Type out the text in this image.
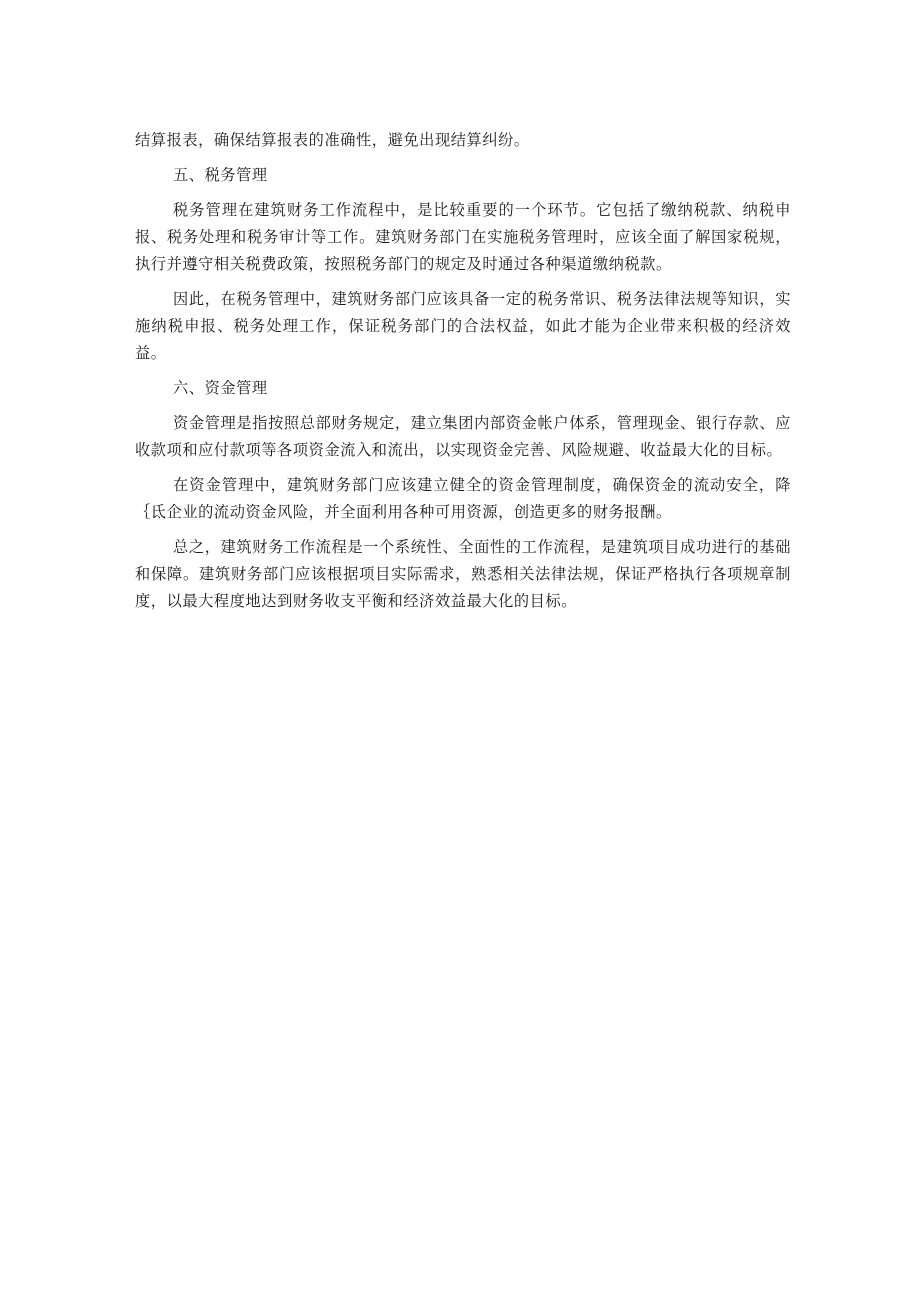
结算报表，确保结算报表的准确性，避免出现结算纠纷。

五、税务管理

税务管理在建筑财务工作流程中，是比较重要的一个环节。它包括了缴纳税款、纳税申报、税务处理和税务审计等工作。建筑财务部门在实施税务管理时，应该全面了解国家税规，执行并遵守相关税费政策，按照税务部门的规定及时通过各种渠道缴纳税款。

因此，在税务管理中，建筑财务部门应该具备一定的税务常识、税务法律法规等知识，实施纳税申报、税务处理工作，保证税务部门的合法权益，如此才能为企业带来积极的经济效益。

六、资金管理

资金管理是指按照总部财务规定，建立集团内部资金帐户体系，管理现金、银行存款、应收款项和应付款项等各项资金流入和流出，以实现资金完善、风险规避、收益最大化的目标。

在资金管理中，建筑财务部门应该建立健全的资金管理制度，确保资金的流动安全，降｛氐企业的流动资金风险，并全面利用各种可用资源，创造更多的财务报酬。

总之，建筑财务工作流程是一个系统性、全面性的工作流程，是建筑项目成功进行的基础和保障。建筑财务部门应该根据项目实际需求，熟悉相关法律法规，保证严格执行各项规章制度，以最大程度地达到财务收支平衡和经济效益最大化的目标。
